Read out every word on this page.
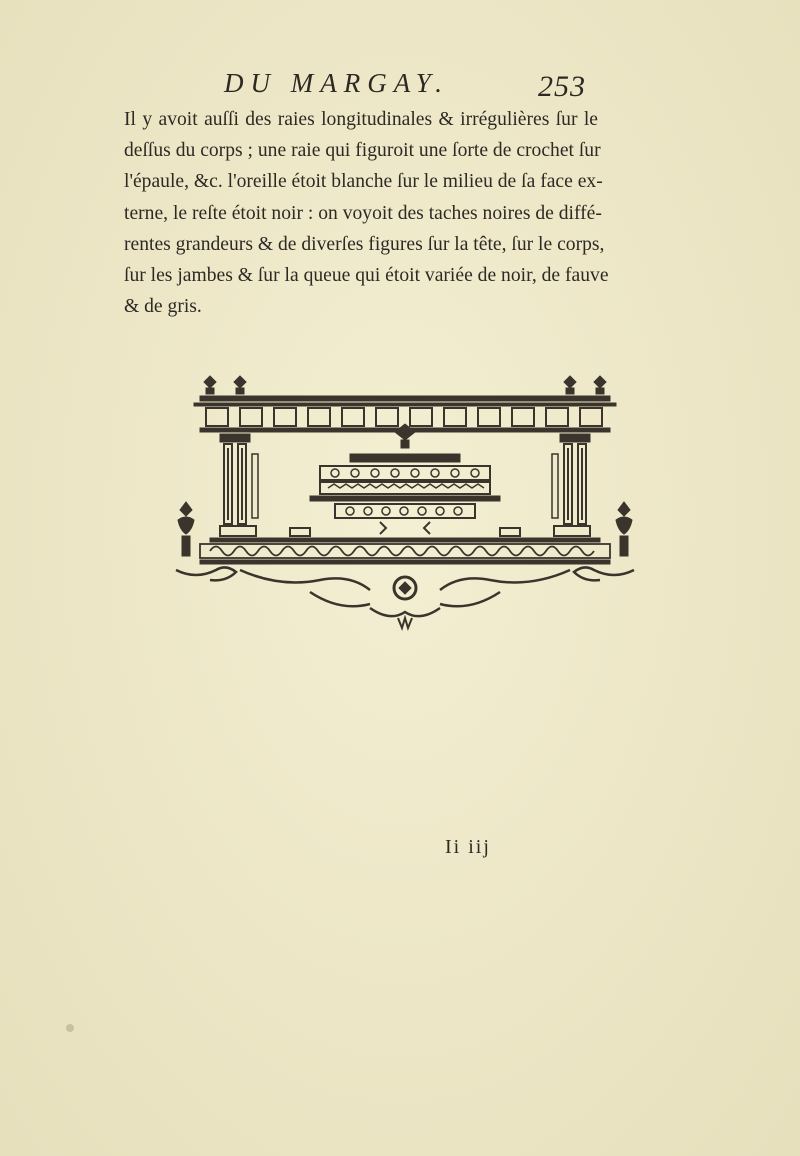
DU MARGAY.	253
Il y avoit auſſi des raies longitudinales & irrégulières ſur le
deſſus du corps ; une raie qui figuroit une ſorte de crochet ſur
l'épaule, &c. l'oreille étoit blanche ſur le milieu de ſa face ex-
terne, le reſte étoit noir : on voyoit des taches noires de diffé-
rentes grandeurs & de diverſes figures ſur la tête, ſur le corps,
ſur les jambes & ſur la queue qui étoit variée de noir, de fauve
& de gris.
Ii iij
